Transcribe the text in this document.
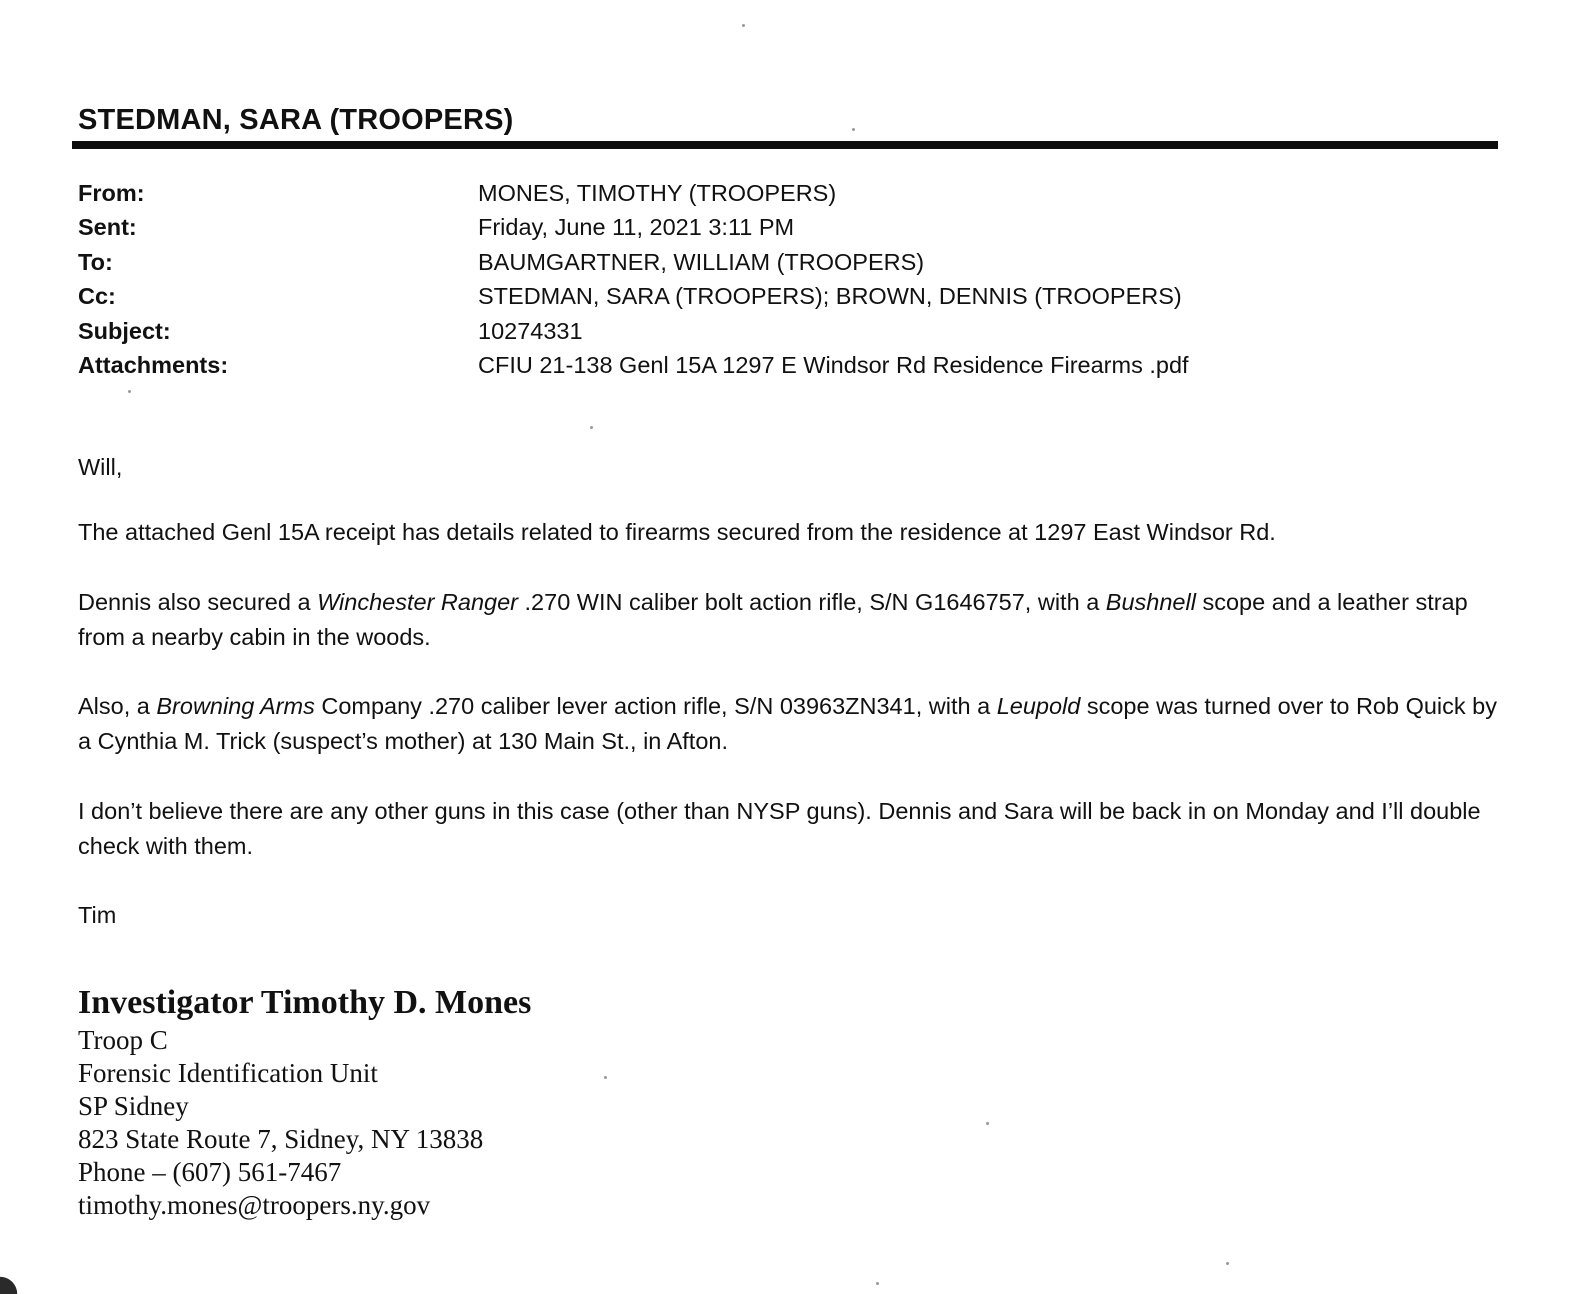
STEDMAN, SARA (TROOPERS)
From:	MONES, TIMOTHY (TROOPERS)
Sent:	Friday, June 11, 2021 3:11 PM
To:	BAUMGARTNER, WILLIAM (TROOPERS)
Cc:	STEDMAN, SARA (TROOPERS); BROWN, DENNIS (TROOPERS)
Subject:	10274331
Attachments:	CFIU 21-138 Genl 15A 1297 E Windsor Rd Residence Firearms .pdf
Will,
The attached Genl 15A receipt has details related to firearms secured from the residence at 1297 East Windsor Rd.
Dennis also secured a Winchester Ranger .270 WIN caliber bolt action rifle, S/N G1646757, with a Bushnell scope and a leather strap from a nearby cabin in the woods.
Also, a Browning Arms Company .270 caliber lever action rifle, S/N 03963ZN341, with a Leupold scope was turned over to Rob Quick by a Cynthia M. Trick (suspect’s mother) at 130 Main St., in Afton.
I don’t believe there are any other guns in this case (other than NYSP guns). Dennis and Sara will be back in on Monday and I’ll double check with them.
Tim
Investigator Timothy D. Mones
Troop C
Forensic Identification Unit
SP Sidney
823 State Route 7, Sidney, NY 13838
Phone – (607) 561-7467
timothy.mones@troopers.ny.gov
